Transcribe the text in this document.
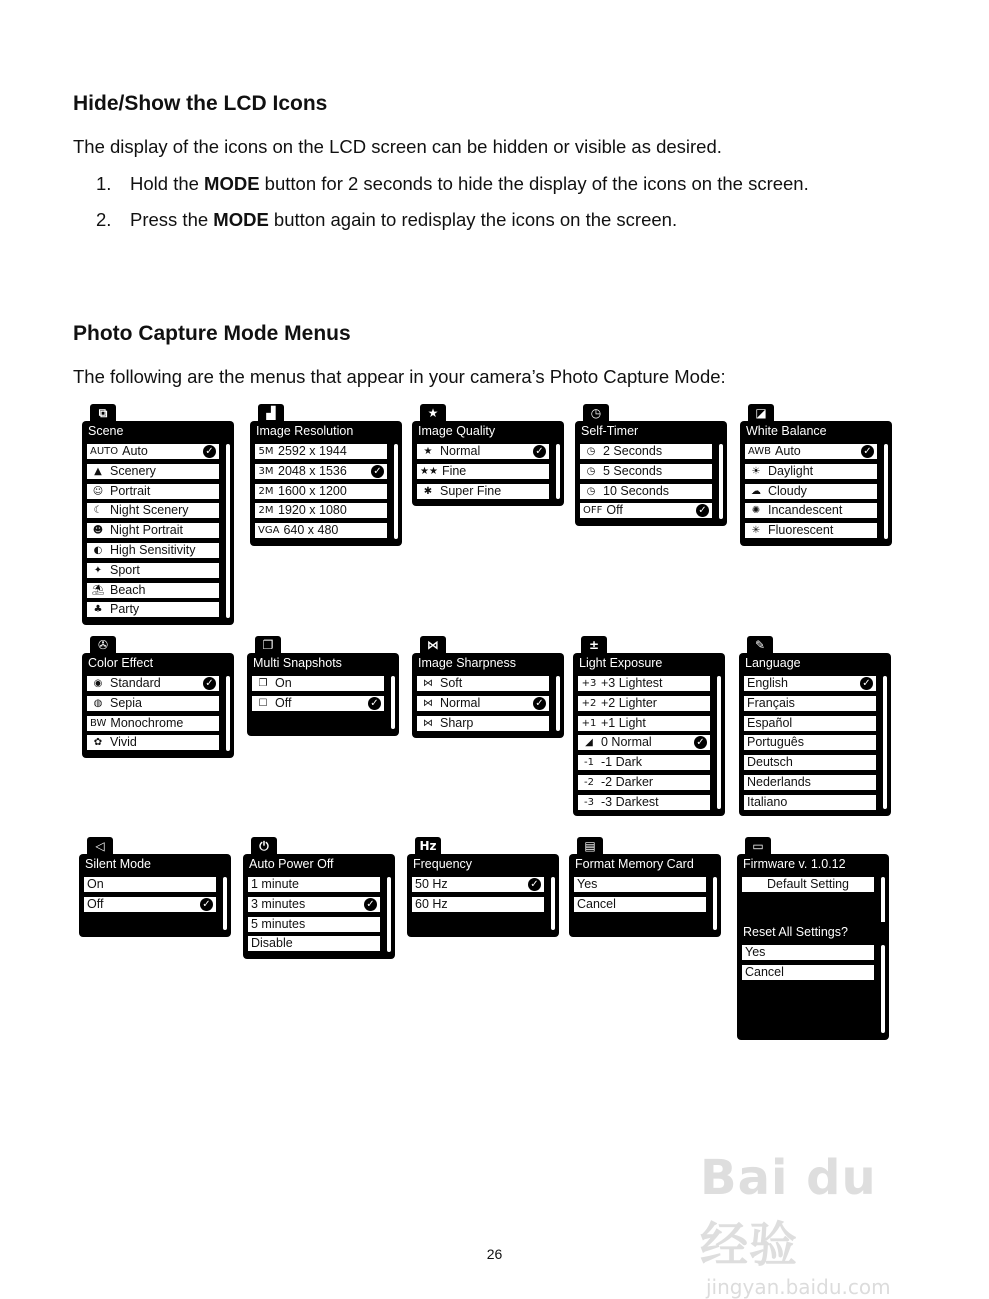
Hide/Show the LCD Icons

The display of the icons on the LCD screen can be hidden or visible as desired.

1. Hold the MODE button for 2 seconds to hide the display of the icons on the screen.
2. Press the MODE button again to redisplay the icons on the screen.
Photo Capture Mode Menus

The following are the menus that appear in your camera’s Photo Capture Mode:

⧉
Scene
AUTO Auto	✓
▲ Scenery
☺ Portrait
☾ Night Scenery
☻ Night Portrait
◐ High Sensitivity
✦ Sport
⛱ Beach
♣ Party
▟
Image Resolution
5M 2592 x 1944
3M 2048 x 1536	✓
2M 1600 x 1200
2M 1920 x 1080
VGA 640 x 480
★
Image Quality
★ Normal	✓
★★ Fine
✱ Super Fine
◷
Self-Timer
◷ 2 Seconds
◷ 5 Seconds
◷ 10 Seconds
OFF Off	✓
◪
White Balance
AWB Auto	✓
☀ Daylight
☁ Cloudy
✺ Incandescent
✳ Fluorescent
✇
Color Effect
◉ Standard	✓
◍ Sepia
BW Monochrome
✿ Vivid
❐
Multi Snapshots
❐ On
☐ Off	✓
⋈
Image Sharpness
⋈ Soft
⋈ Normal	✓
⋈ Sharp
±
Light Exposure
+3 +3 Lightest
+2 +2 Lighter
+1 +1 Light
◢ 0 Normal	✓
-1 -1 Dark
-2 -2 Darker
-3 -3 Darkest
✎
Language
English	✓
Français
Español
Português
Deutsch
Nederlands
Italiano
◁
Silent Mode
On
Off	✓
⏻
Auto Power Off
1 minute
3 minutes	✓
5 minutes
Disable
Hz
Frequency
50 Hz	✓
60 Hz
▤
Format Memory Card
Yes
Cancel
▭
Firmware v. 1.0.12
Default Setting
Reset All Settings?
Yes
Cancel
Bai du 经验
jingyan.baidu.com
26
